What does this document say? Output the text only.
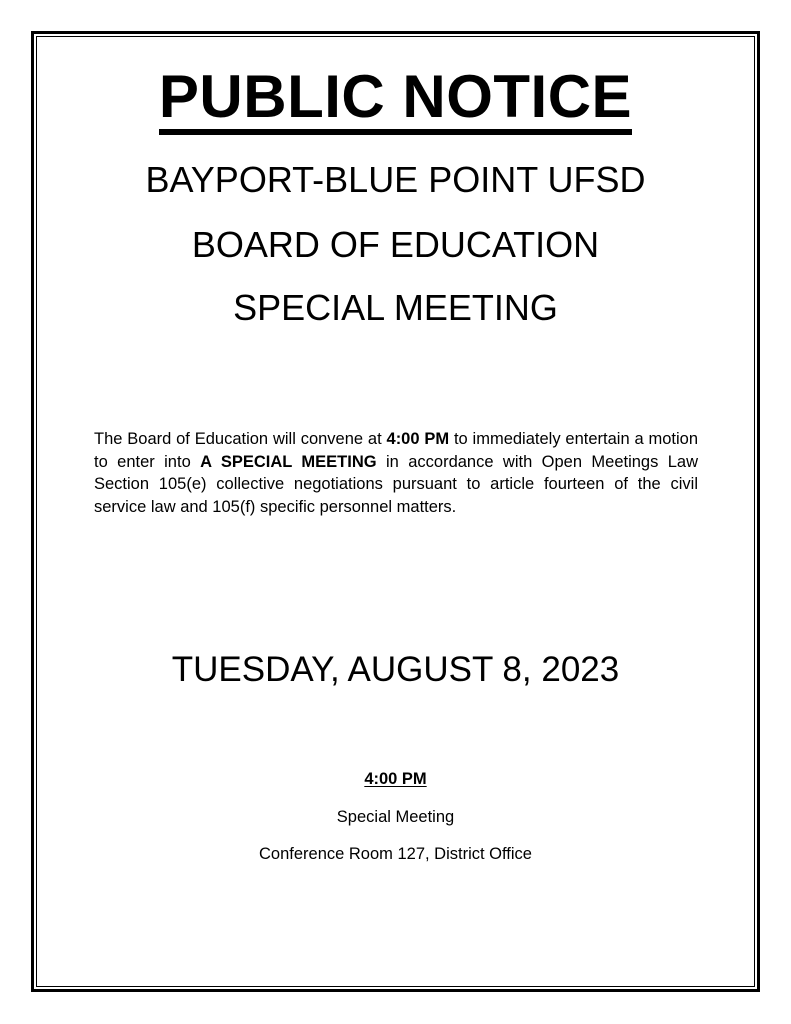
PUBLIC NOTICE
BAYPORT-BLUE POINT UFSD
BOARD OF EDUCATION
SPECIAL MEETING
The Board of Education will convene at 4:00 PM to immediately entertain a motion to enter into A SPECIAL MEETING in accordance with Open Meetings Law Section 105(e) collective negotiations pursuant to article fourteen of the civil service law and 105(f) specific personnel matters.
TUESDAY, AUGUST 8, 2023
4:00 PM
Special Meeting
Conference Room 127, District Office
